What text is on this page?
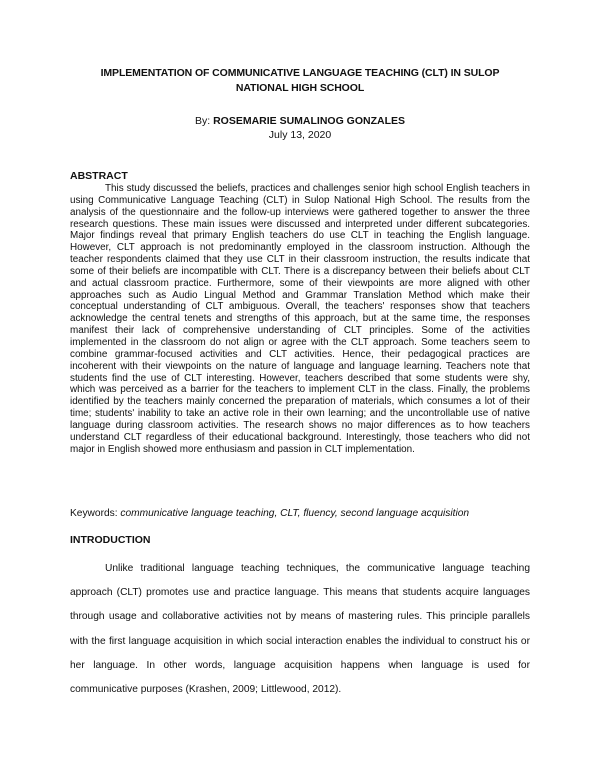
IMPLEMENTATION OF COMMUNICATIVE LANGUAGE TEACHING (CLT) IN SULOP NATIONAL HIGH SCHOOL
By: ROSEMARIE SUMALINOG GONZALES
July 13, 2020
ABSTRACT

This study discussed the beliefs, practices and challenges senior high school English teachers in using Communicative Language Teaching (CLT) in Sulop National High School. The results from the analysis of the questionnaire and the follow-up interviews were gathered together to answer the three research questions. These main issues were discussed and interpreted under different subcategories. Major findings reveal that primary English teachers do use CLT in teaching the English language. However, CLT approach is not predominantly employed in the classroom instruction. Although the teacher respondents claimed that they use CLT in their classroom instruction, the results indicate that some of their beliefs are incompatible with CLT. There is a discrepancy between their beliefs about CLT and actual classroom practice. Furthermore, some of their viewpoints are more aligned with other approaches such as Audio Lingual Method and Grammar Translation Method which make their conceptual understanding of CLT ambiguous. Overall, the teachers' responses show that teachers acknowledge the central tenets and strengths of this approach, but at the same time, the responses manifest their lack of comprehensive understanding of CLT principles. Some of the activities implemented in the classroom do not align or agree with the CLT approach. Some teachers seem to combine grammar-focused activities and CLT activities. Hence, their pedagogical practices are incoherent with their viewpoints on the nature of language and language learning. Teachers note that students find the use of CLT interesting. However, teachers described that some students were shy, which was perceived as a barrier for the teachers to implement CLT in the class. Finally, the problems identified by the teachers mainly concerned the preparation of materials, which consumes a lot of their time; students' inability to take an active role in their own learning; and the uncontrollable use of native language during classroom activities. The research shows no major differences as to how teachers understand CLT regardless of their educational background. Interestingly, those teachers who did not major in English showed more enthusiasm and passion in CLT implementation.

Keywords: communicative language teaching, CLT, fluency, second language acquisition

INTRODUCTION

Unlike traditional language teaching techniques, the communicative language teaching approach (CLT) promotes use and practice language. This means that students acquire languages through usage and collaborative activities not by means of mastering rules. This principle parallels with the first language acquisition in which social interaction enables the individual to construct his or her language. In other words, language acquisition happens when language is used for communicative purposes (Krashen, 2009; Littlewood, 2012).
